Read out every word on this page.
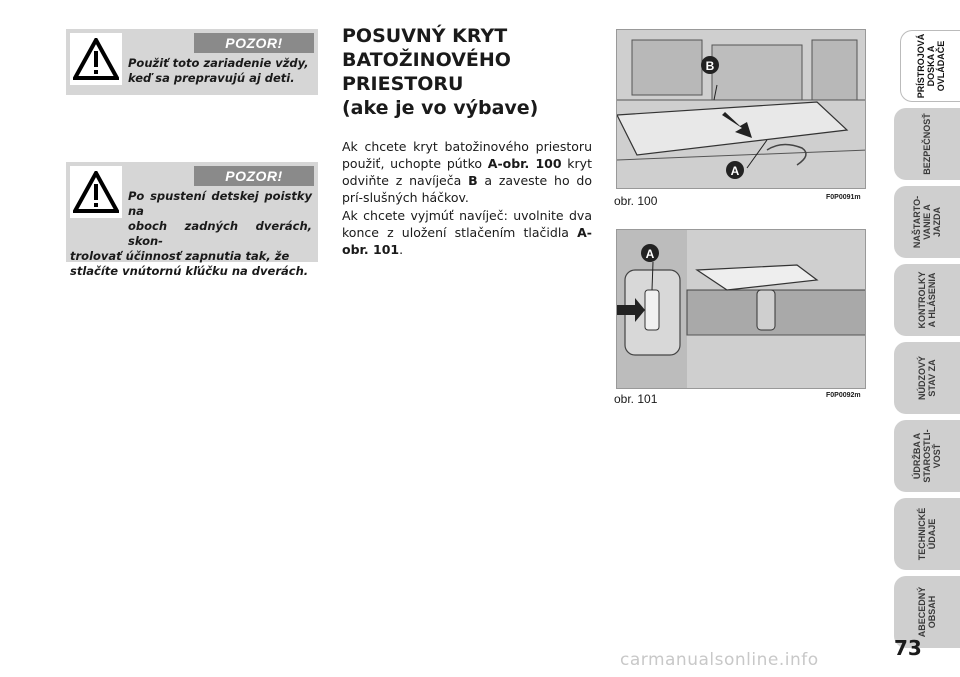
POZOR!
Použiť toto zariadenie vždy,
keď sa prepravujú aj deti.
POZOR!
Po spustení detskej poistky na
oboch zadných dverách, skon-
trolovať účinnosť zapnutia tak, že
stlačíte vnútornú kľúčku na dverách.
POSUVNÝ KRYT
BATOŽINOVÉHO
PRIESTORU
(ake je vo výbave)
Ak chcete kryt batožinového priestoru použiť, uchopte pútko A-obr. 100 kryt odviňte z navíječa B a zaveste ho do prí-slušných háčkov.
Ak chcete vyjmúť navíječ: uvolnite dva konce z uložení stlačením tlačidla A-obr. 101.
B
A
obr. 100	F0P0091m
A
obr. 101	F0P0092m
PRÍSTROJOVÁ
DOSKA A
OVLÁDAČE
BEZPEČNOSŤ
NAŠTARTO-
VANIE A
JAZDA
KONTROLKY
A HLÁSENIA
NÚDZOVÝ
STAV ZA
ÚDRŽBA A
STAROSTLI-
VOSŤ
TECHNICKÉ
ÚDAJE
ABECEDNÝ
OBSAH
73
carmanualsonline.info
